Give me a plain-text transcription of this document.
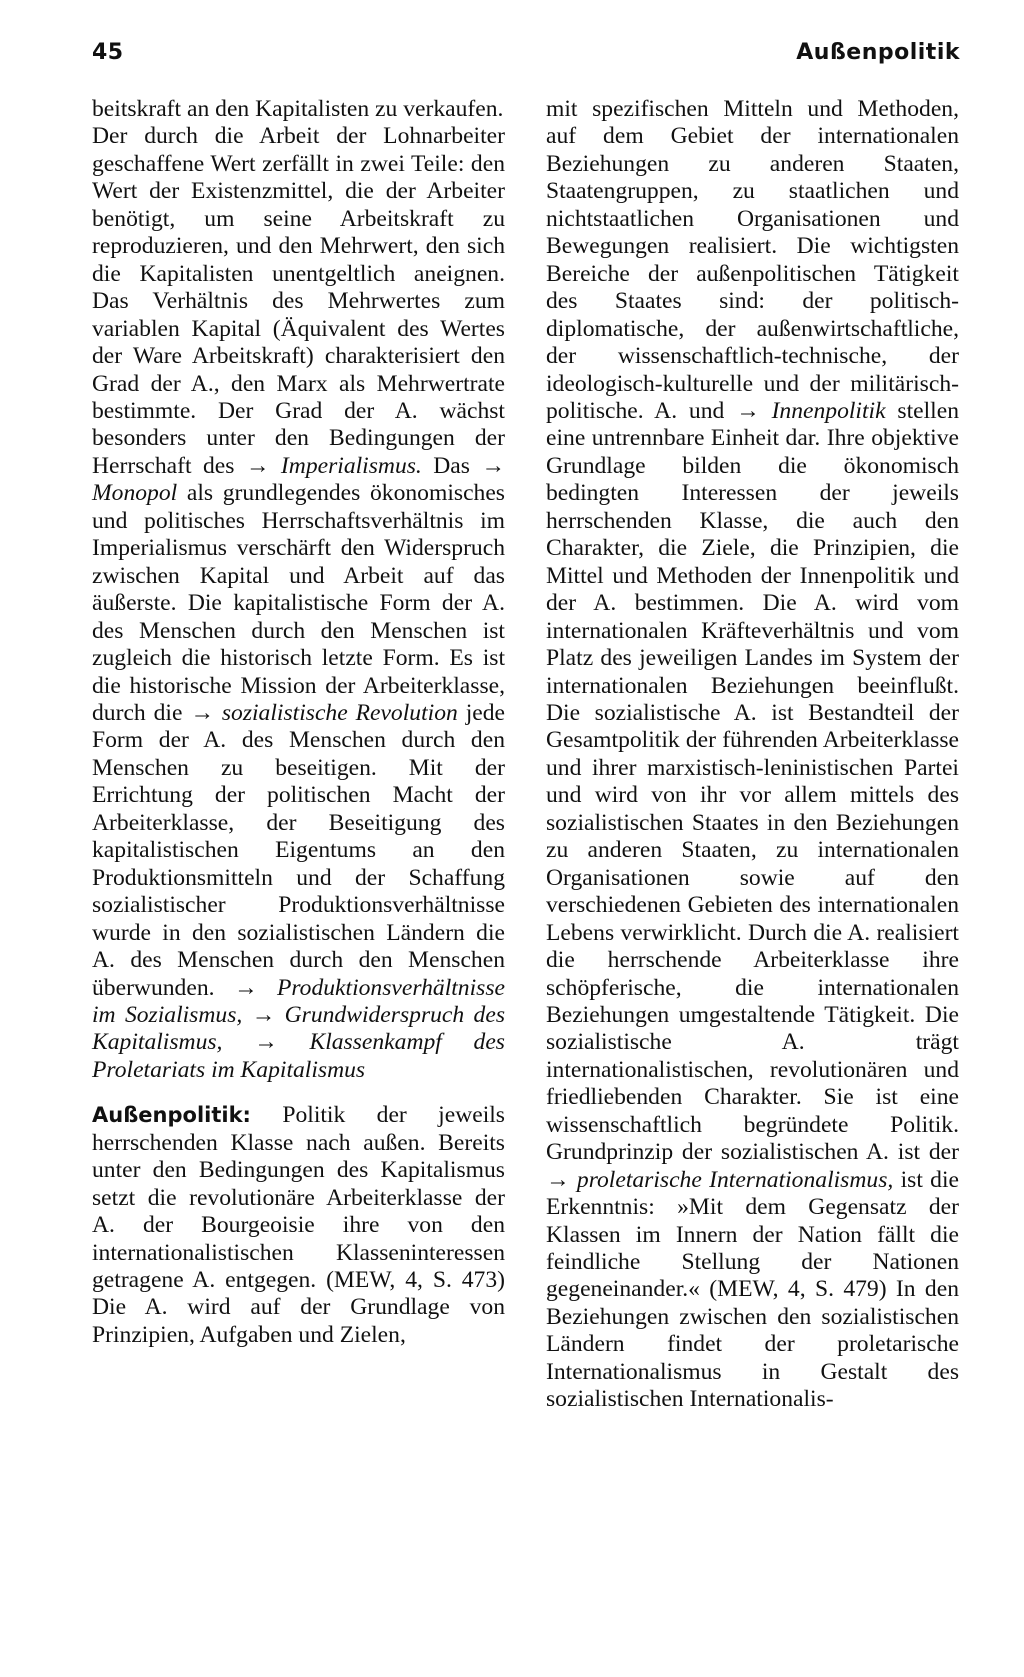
45	Außenpolitik

beitskraft an den Kapitalisten zu verkaufen.

Der durch die Arbeit der Lohnarbeiter geschaffene Wert zerfällt in zwei Teile: den Wert der Existenzmittel, die der Arbeiter benötigt, um seine Arbeitskraft zu reproduzieren, und den Mehrwert, den sich die Kapitalisten unentgeltlich aneignen. Das Verhältnis des Mehrwertes zum variablen Kapital (Äquivalent des Wertes der Ware Arbeitskraft) charakterisiert den Grad der A., den Marx als Mehrwertrate bestimmte. Der Grad der A. wächst besonders unter den Bedingungen der Herrschaft des → Imperialismus. Das → Monopol als grundlegendes ökonomisches und politisches Herrschaftsverhältnis im Imperialismus verschärft den Widerspruch zwischen Kapital und Arbeit auf das äußerste. Die kapitalistische Form der A. des Menschen durch den Menschen ist zugleich die historisch letzte Form. Es ist die historische Mission der Arbeiterklasse, durch die → sozialistische Revolution jede Form der A. des Menschen durch den Menschen zu beseitigen. Mit der Errichtung der politischen Macht der Arbeiterklasse, der Beseitigung des kapitalistischen Eigentums an den Produktionsmitteln und der Schaffung sozialistischer Produktionsverhältnisse wurde in den sozialistischen Ländern die A. des Menschen durch den Menschen überwunden. → Produktionsverhältnisse im Sozialismus, → Grundwiderspruch des Kapitalismus, → Klassenkampf des Proletariats im Kapitalismus

Außenpolitik: Politik der jeweils herrschenden Klasse nach außen. Bereits unter den Bedingungen des Kapitalismus setzt die revolutionäre Arbeiterklasse der A. der Bourgeoisie ihre von den internationalistischen Klasseninteressen getragene A. entgegen. (MEW, 4, S. 473) Die A. wird auf der Grundlage von Prinzipien, Aufgaben und Zielen,

mit spezifischen Mitteln und Methoden, auf dem Gebiet der internationalen Beziehungen zu anderen Staaten, Staatengruppen, zu staatlichen und nichtstaatlichen Organisationen und Bewegungen realisiert. Die wichtigsten Bereiche der außenpolitischen Tätigkeit des Staates sind: der politisch-diplomatische, der außenwirtschaftliche, der wissenschaftlich-technische, der ideologisch-kulturelle und der militärisch-politische. A. und → Innenpolitik stellen eine untrennbare Einheit dar. Ihre objektive Grundlage bilden die ökonomisch bedingten Interessen der jeweils herrschenden Klasse, die auch den Charakter, die Ziele, die Prinzipien, die Mittel und Methoden der Innenpolitik und der A. bestimmen. Die A. wird vom internationalen Kräfteverhältnis und vom Platz des jeweiligen Landes im System der internationalen Beziehungen beeinflußt. Die sozialistische A. ist Bestandteil der Gesamtpolitik der führenden Arbeiterklasse und ihrer marxistisch-leninistischen Partei und wird von ihr vor allem mittels des sozialistischen Staates in den Beziehungen zu anderen Staaten, zu internationalen Organisationen sowie auf den verschiedenen Gebieten des internationalen Lebens verwirklicht. Durch die A. realisiert die herrschende Arbeiterklasse ihre schöpferische, die internationalen Beziehungen umgestaltende Tätigkeit. Die sozialistische A. trägt internationalistischen, revolutionären und friedliebenden Charakter. Sie ist eine wissenschaftlich begründete Politik. Grundprinzip der sozialistischen A. ist der → proletarische Internationalismus, ist die Erkenntnis: »Mit dem Gegensatz der Klassen im Innern der Nation fällt die feindliche Stellung der Nationen gegeneinander.« (MEW, 4, S. 479) In den Beziehungen zwischen den sozialistischen Ländern findet der proletarische Internationalismus in Gestalt des sozialistischen Internationalis-
